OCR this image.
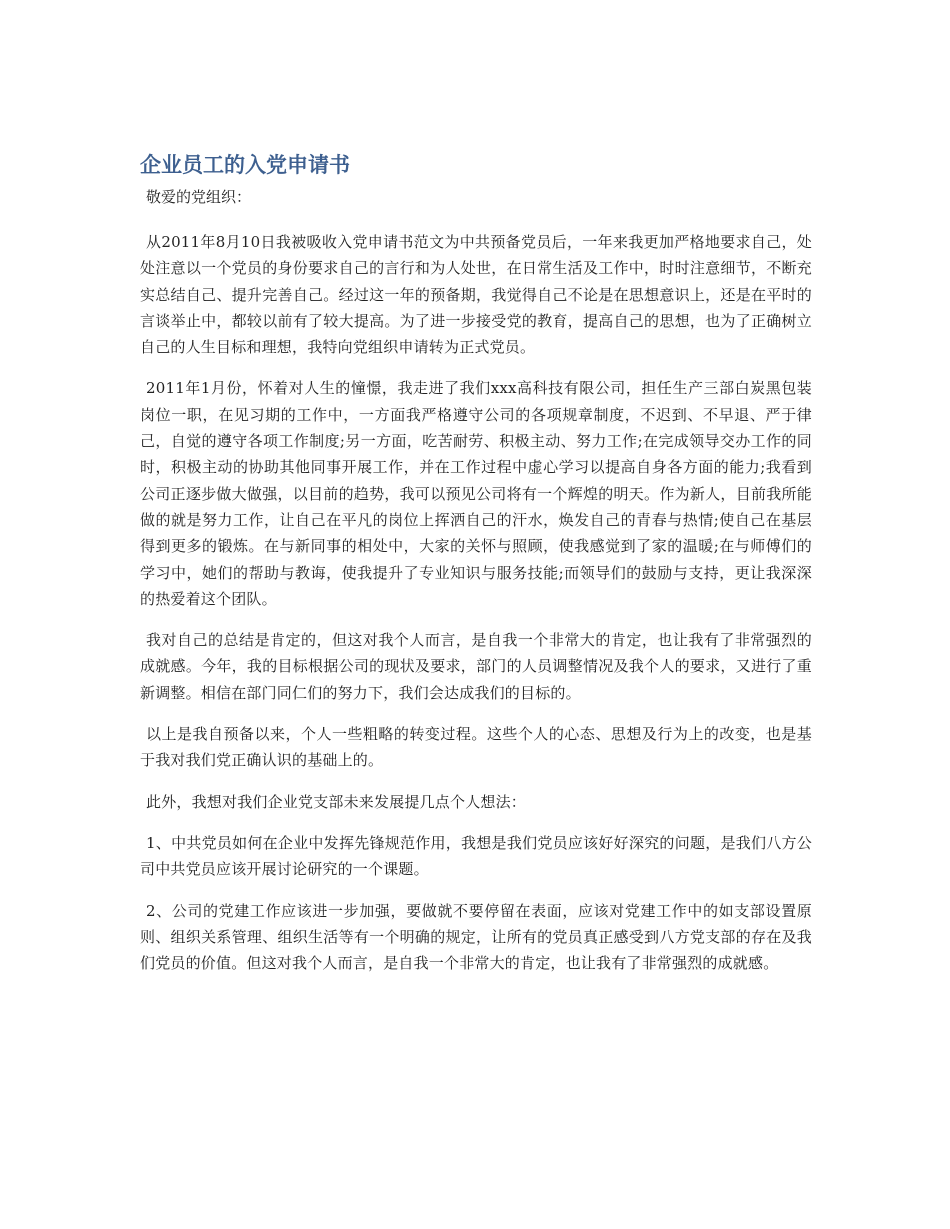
企业员工的入党申请书

敬爱的党组织：

从2011年8月10日我被吸收入党申请书范文为中共预备党员后，一年来我更加严格地要求自己，处处注意以一个党员的身份要求自己的言行和为人处世，在日常生活及工作中，时时注意细节，不断充实总结自己、提升完善自己。经过这一年的预备期，我觉得自己不论是在思想意识上，还是在平时的言谈举止中，都较以前有了较大提高。为了进一步接受党的教育，提高自己的思想，也为了正确树立自己的人生目标和理想，我特向党组织申请转为正式党员。

2011年1月份，怀着对人生的憧憬，我走进了我们xxx高科技有限公司，担任生产三部白炭黑包装岗位一职，在见习期的工作中，一方面我严格遵守公司的各项规章制度，不迟到、不早退、严于律己，自觉的遵守各项工作制度;另一方面，吃苦耐劳、积极主动、努力工作;在完成领导交办工作的同时，积极主动的协助其他同事开展工作，并在工作过程中虚心学习以提高自身各方面的能力;我看到公司正逐步做大做强，以目前的趋势，我可以预见公司将有一个辉煌的明天。作为新人，目前我所能做的就是努力工作，让自己在平凡的岗位上挥洒自己的汗水，焕发自己的青春与热情;使自己在基层得到更多的锻炼。在与新同事的相处中，大家的关怀与照顾，使我感觉到了家的温暖;在与师傅们的学习中，她们的帮助与教诲，使我提升了专业知识与服务技能;而领导们的鼓励与支持，更让我深深的热爱着这个团队。

我对自己的总结是肯定的，但这对我个人而言，是自我一个非常大的肯定，也让我有了非常强烈的成就感。今年，我的目标根据公司的现状及要求，部门的人员调整情况及我个人的要求，又进行了重新调整。相信在部门同仁们的努力下，我们会达成我们的目标的。

以上是我自预备以来，个人一些粗略的转变过程。这些个人的心态、思想及行为上的改变，也是基于我对我们党正确认识的基础上的。

此外，我想对我们企业党支部未来发展提几点个人想法：

1、中共党员如何在企业中发挥先锋规范作用，我想是我们党员应该好好深究的问题，是我们八方公司中共党员应该开展讨论研究的一个课题。

2、公司的党建工作应该进一步加强，要做就不要停留在表面，应该对党建工作中的如支部设置原则、组织关系管理、组织生活等有一个明确的规定，让所有的党员真正感受到八方党支部的存在及我们党员的价值。但这对我个人而言，是自我一个非常大的肯定，也让我有了非常强烈的成就感。
